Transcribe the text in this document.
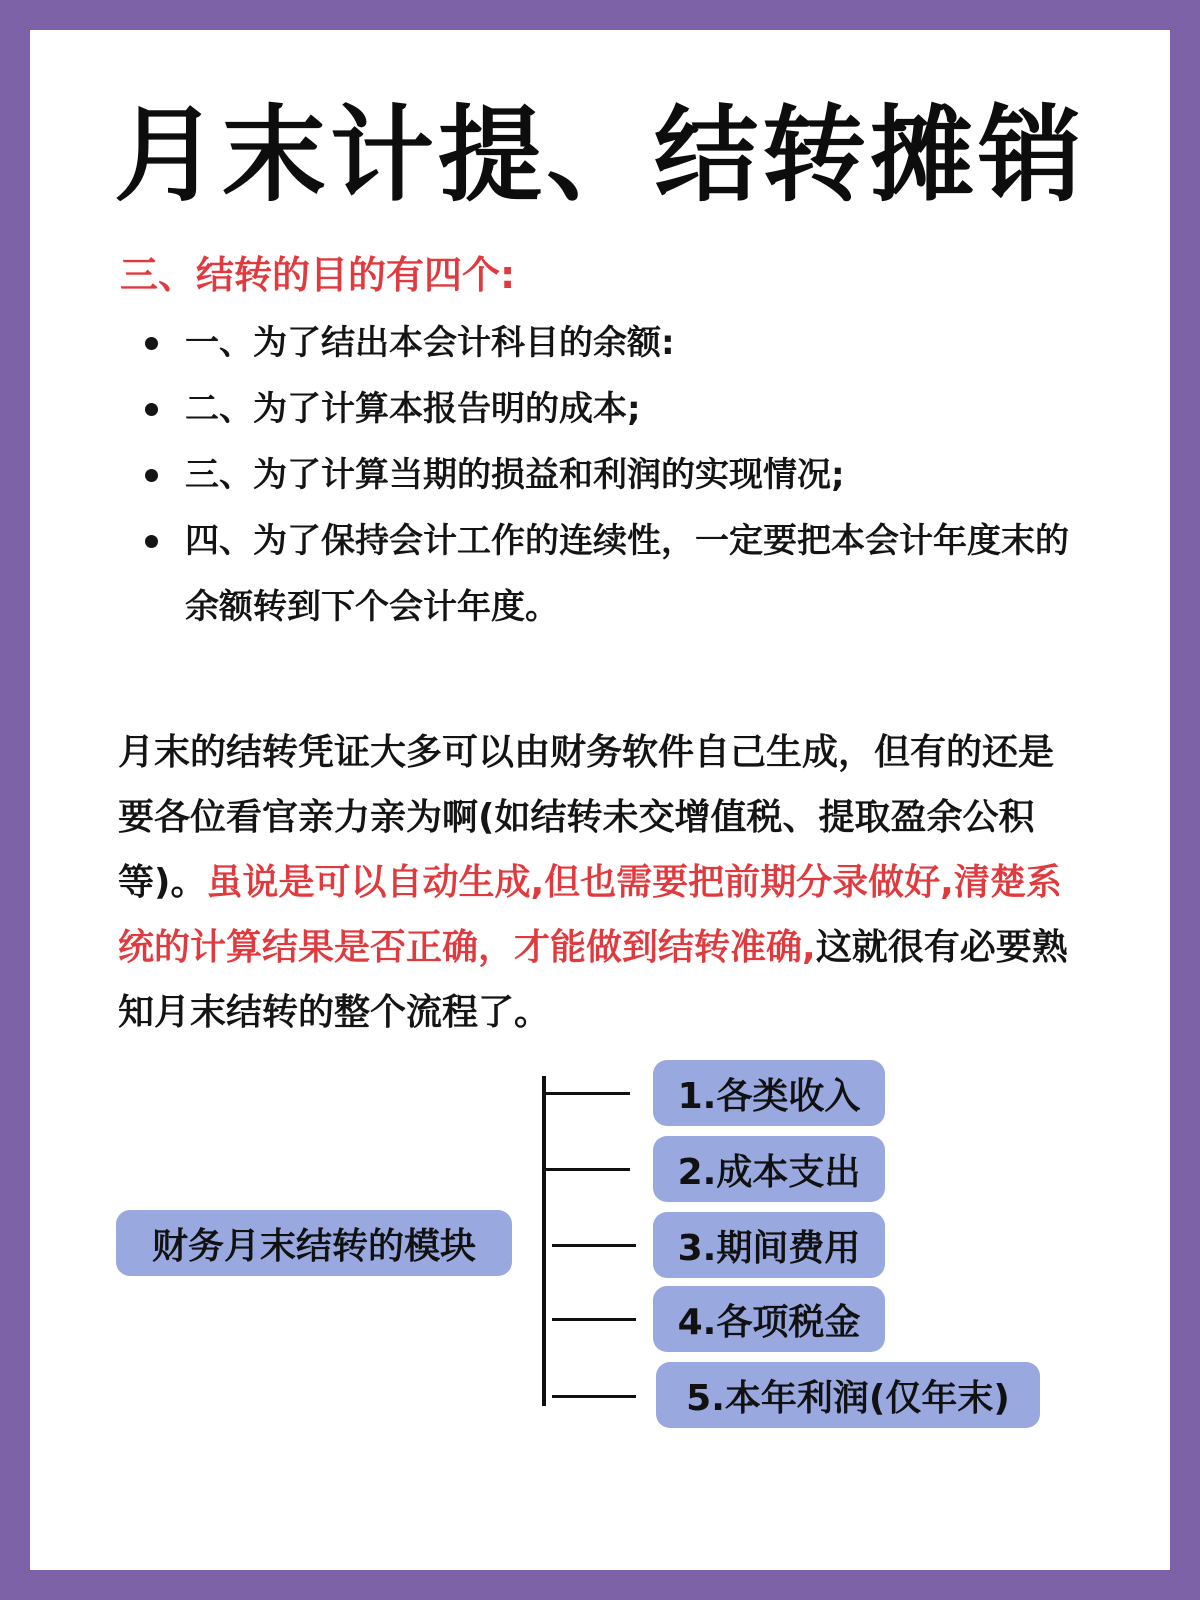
月末计提、结转摊销
三、结转的目的有四个:
一、为了结出本会计科目的余额:
二、为了计算本报告明的成本;
三、为了计算当期的损益和利润的实现情况;
四、为了保持会计工作的连续性，一定要把本会计年度末的余额转到下个会计年度。

月末的结转凭证大多可以由财务软件自己生成，但有的还是要各位看官亲力亲为啊(如结转未交增值税、提取盈余公积等)。虽说是可以自动生成,但也需要把前期分录做好,清楚系统的计算结果是否正确，才能做到结转准确,这就很有必要熟知月末结转的整个流程了。

财务月末结转的模块
1.各类收入
2.成本支出
3.期间费用
4.各项税金
5.本年利润(仅年末)
